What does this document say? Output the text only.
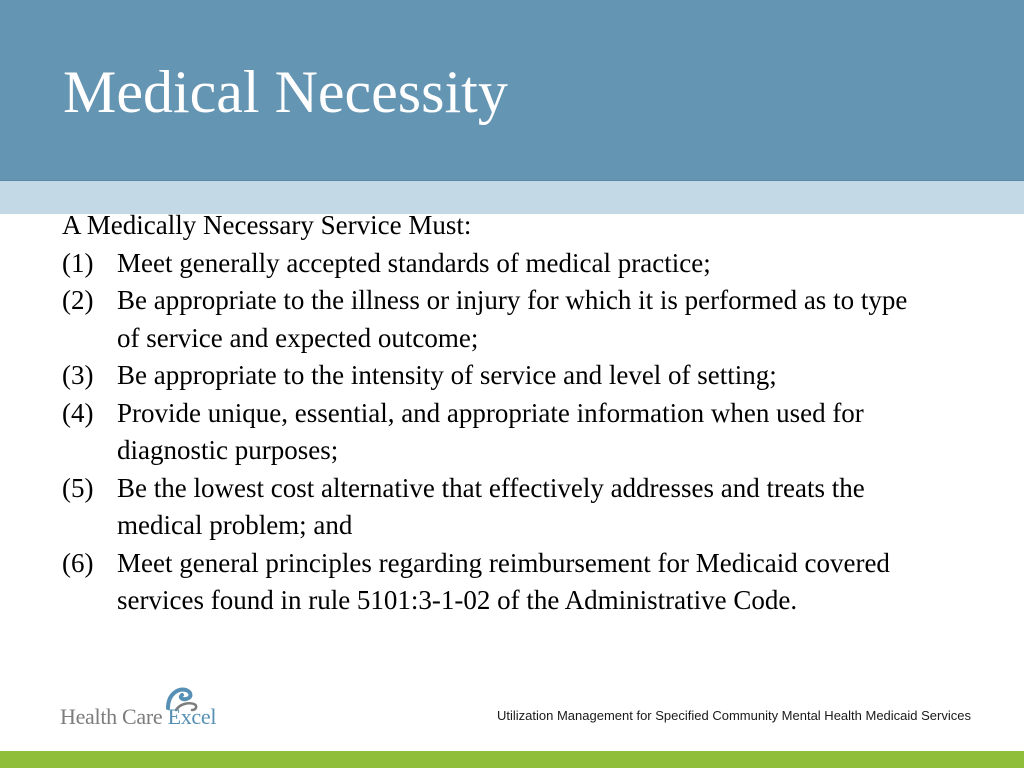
Medical Necessity

A Medically Necessary Service Must:

(1) Meet generally accepted standards of medical practice;
(2) Be appropriate to the illness or injury for which it is performed as to type of service and expected outcome;
(3) Be appropriate to the intensity of service and level of setting;
(4) Provide unique, essential, and appropriate information when used for diagnostic purposes;
(5) Be the lowest cost alternative that effectively addresses and treats the medical problem; and
(6) Meet general principles regarding reimbursement for Medicaid covered services found in rule 5101:3-1-02 of the Administrative Code.
Health Care Excel	Utilization Management for Specified Community Mental Health Medicaid Services
